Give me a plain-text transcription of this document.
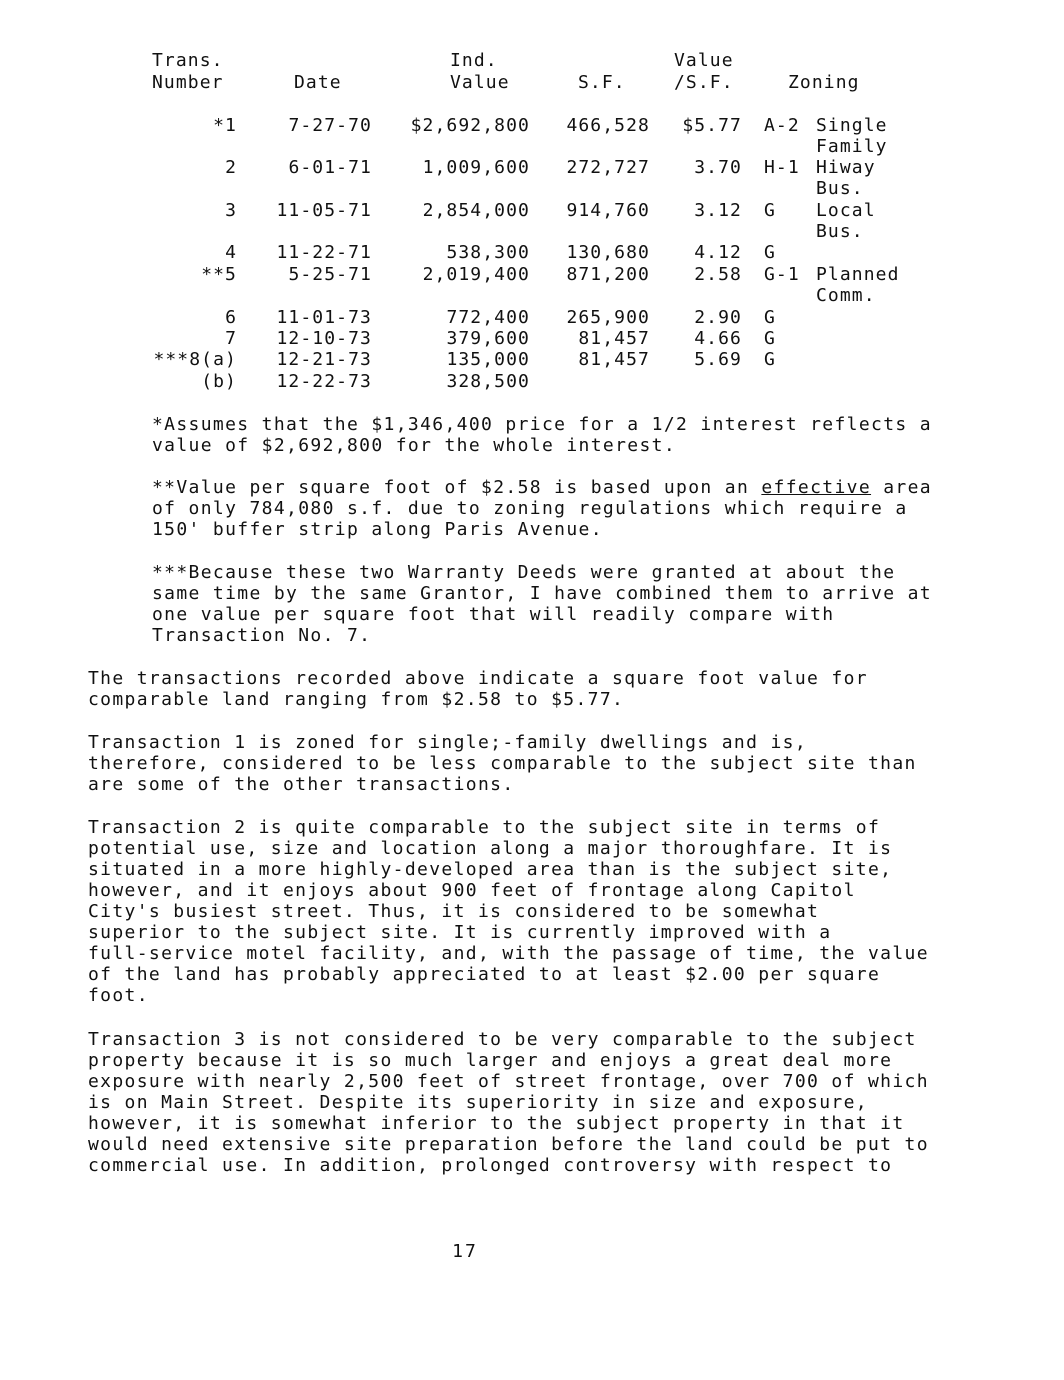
Trans.	Ind.	Value
Number	Date	Value	S.F.	/S.F.	Zoning
*1	7-27-70	$2,692,800	466,528	$5.77 A-2 Single
Family
2	6-01-71	1,009,600	272,727	3.70 H-1 Hiway
Bus.
3	11-05-71	2,854,000	914,760	3.12 G	Local
Bus.
4	11-22-71	538,300	130,680	4.12 G
**5	5-25-71	2,019,400	871,200	2.58 G-1 Planned
Comm.
6	11-01-73	772,400	265,900	2.90 G
7	12-10-73	379,600	81,457	4.66 G
***8(a)	12-21-73	135,000	81,457	5.69 G
(b)	12-22-73	328,500

*Assumes that the $1,346,400 price for a 1/2 interest reflects a
value of $2,692,800 for the whole interest.

**Value per square foot of $2.58 is based upon an effective area
of only 784,080 s.f. due to zoning regulations which require a
150' buffer strip along Paris Avenue.

***Because these two Warranty Deeds were granted at about the
same time by the same Grantor, I have combined them to arrive at
one value per square foot that will readily compare with
Transaction No. 7.

The transactions recorded above indicate a square foot value for
comparable land ranging from $2.58 to $5.77.

Transaction 1 is zoned for single;-family dwellings and is,
therefore, considered to be less comparable to the subject site than
are some of the other transactions.

Transaction 2 is quite comparable to the subject site in terms of
potential use, size and location along a major thoroughfare. It is
situated in a more highly-developed area than is the subject site,
however, and it enjoys about 900 feet of frontage along Capitol
City's busiest street. Thus, it is considered to be somewhat
superior to the subject site. It is currently improved with a
full-service motel facility, and, with the passage of time, the value
of the land has probably appreciated to at least $2.00 per square
foot.

Transaction 3 is not considered to be very comparable to the subject
property because it is so much larger and enjoys a great deal more
exposure with nearly 2,500 feet of street frontage, over 700 of which
is on Main Street. Despite its superiority in size and exposure,
however, it is somewhat inferior to the subject property in that it
would need extensive site preparation before the land could be put to
commercial use. In addition, prolonged controversy with respect to

17
